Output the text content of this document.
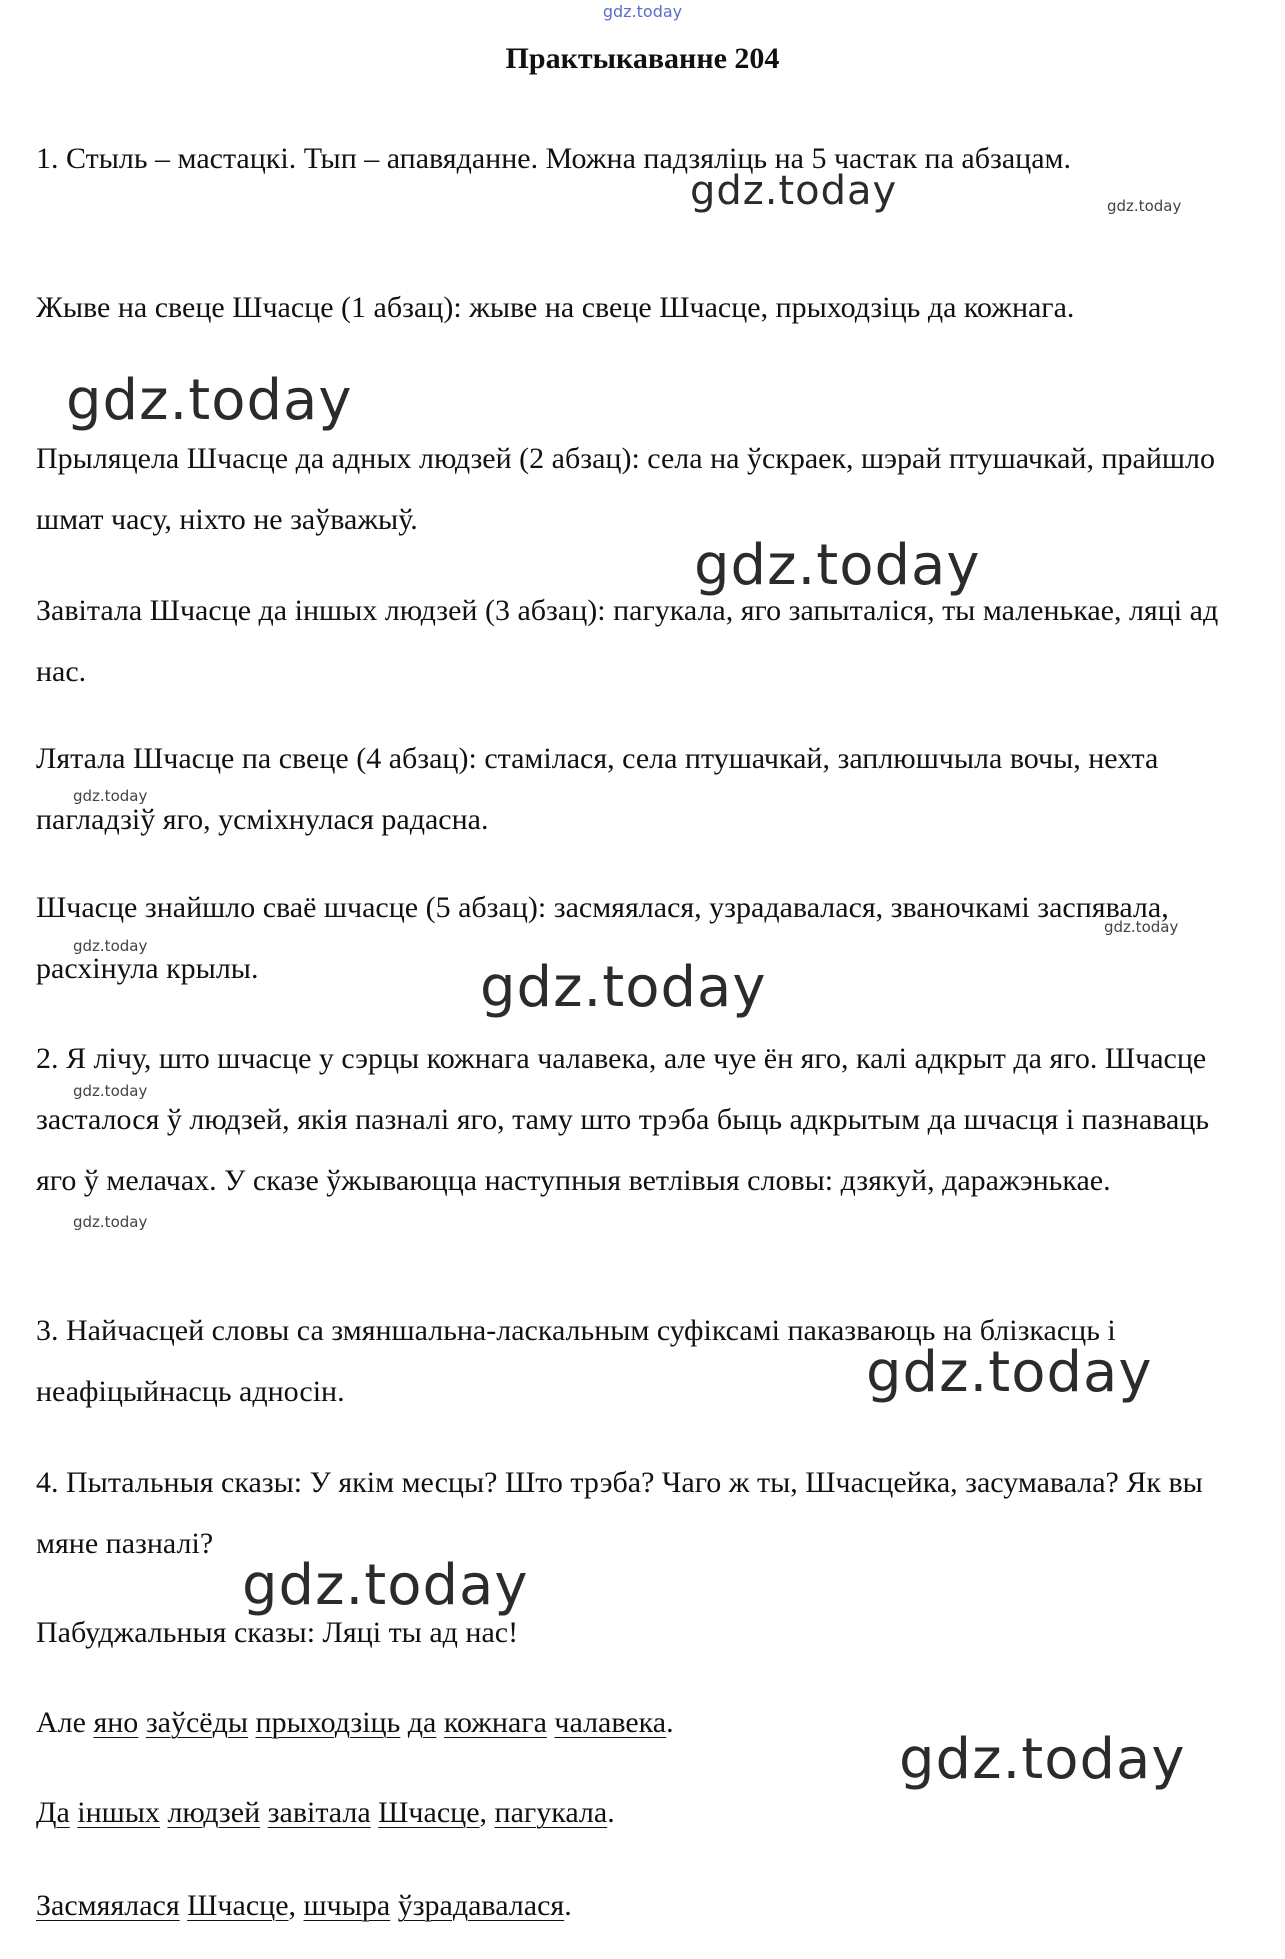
gdz.today
Практыкаванне 204

1. Стыль – мастацкі. Тып – апавяданне. Можна падзяліць на 5 частак па абзацам.

Жыве на свеце Шчасце (1 абзац): жыве на свеце Шчасце, прыходзіць да кожнага.

Прыляцела Шчасце да адных людзей (2 абзац): села на ўскраек, шэрай птушачкай, прайшло шмат часу, ніхто не заўважыў.

Завітала Шчасце да іншых людзей (3 абзац): пагукала, яго запыталіся, ты маленькае, ляці ад нас.

Лятала Шчасце па свеце (4 абзац): стамілася, села птушачкай, заплюшчыла вочы, нехта пагладзіў яго, усміхнулася радасна.

Шчасце знайшло сваё шчасце (5 абзац): засмяялася, узрадавалася, званочкамі заспявала, расхінула крылы.

2. Я лічу, што шчасце у сэрцы кожнага чалавека, але чуе ён яго, калі адкрыт да яго. Шчасце засталося ў людзей, якія пазналі яго, таму што трэба быць адкрытым да шчасця і пазнаваць яго ў мелачах. У сказе ўжываюцца наступныя ветлівыя словы: дзякуй, даражэнькае.

3. Найчасцей словы са змяншальна-ласкальным суфіксамі паказваюць на блізкасць і неафіцыйнасць адносін.

4. Пытальныя сказы: У якім месцы? Што трэба? Чаго ж ты, Шчасцейка, засумавала? Як вы мяне пазналі?

Пабуджальныя сказы: Ляці ты ад нас!

Але яно заўсёды прыходзіць да кожнага чалавека.

Да іншых людзей завітала Шчасце, пагукала.

Засмяялася Шчасце, шчыра ўзрадавалася.

gdz.today	gdz.today
gdz.today
gdz.today
gdz.today
gdz.today
gdz.today
gdz.today
gdz.today
gdz.today
gdz.today
gdz.today
gdz.today
